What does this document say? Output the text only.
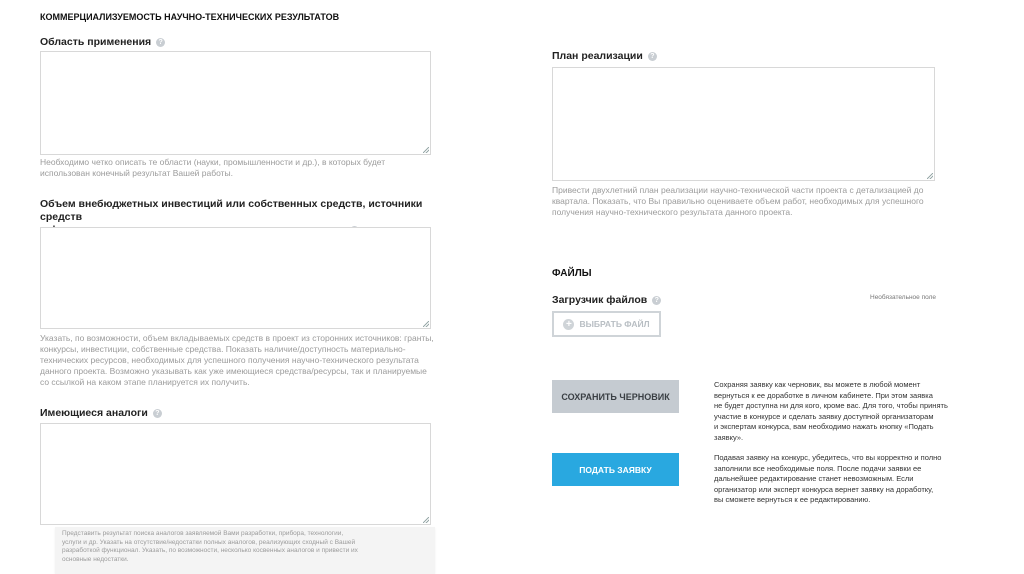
КОММЕРЦИАЛИЗУЕМОСТЬ НАУЧНО-ТЕХНИЧЕСКИХ РЕЗУЛЬТАТОВ
Область применения ?
Необходимо четко описать те области (науки, промышленности и др.), в которых будет
использован конечный результат Вашей работы.
Объем внебюджетных инвестиций или собственных средств, источники средств
Указать, по возможности, объем вкладываемых средств в проект из сторонних источников: гранты,
конкурсы, инвестиции, собственные средства. Показать наличие/доступность материально-
технических ресурсов, необходимых для успешного получения научно-технического результата
данного проекта. Возможно указывать как уже имеющиеся средства/ресурсы, так и планируемые
со ссылкой на каком этапе планируется их получить.
Имеющиеся аналоги ?
Представить результат поиска аналогов заявляемой Вами разработки, прибора, технологии,
услуги и др. Указать на отсутствие/недостатки полных аналогов, реализующих сходный с Вашей
разработкой функционал. Указать, по возможности, несколько косвенных аналогов и привести их
основные недостатки.
План реализации ?
Привести двухлетний план реализации научно-технической части проекта с детализацией до
квартала. Показать, что Вы правильно оцениваете объем работ, необходимых для успешного
получения научно-технического результата данного проекта.
ФАЙЛЫ
Загрузчик файлов ?	Необязательное поле
+ ВЫБРАТЬ ФАЙЛ
СОХРАНИТЬ ЧЕРНОВИК
Сохраняя заявку как черновик, вы можете в любой момент
вернуться к ее доработке в личном кабинете. При этом заявка
не будет доступна ни для кого, кроме вас. Для того, чтобы принять
участие в конкурсе и сделать заявку доступной организаторам
и экспертам конкурса, вам необходимо нажать кнопку «Подать
заявку».
ПОДАТЬ ЗАЯВКУ
Подавая заявку на конкурс, убедитесь, что вы корректно и полно
заполнили все необходимые поля. После подачи заявки ее
дальнейшее редактирование станет невозможным. Если
организатор или эксперт конкурса вернет заявку на доработку,
вы сможете вернуться к ее редактированию.
